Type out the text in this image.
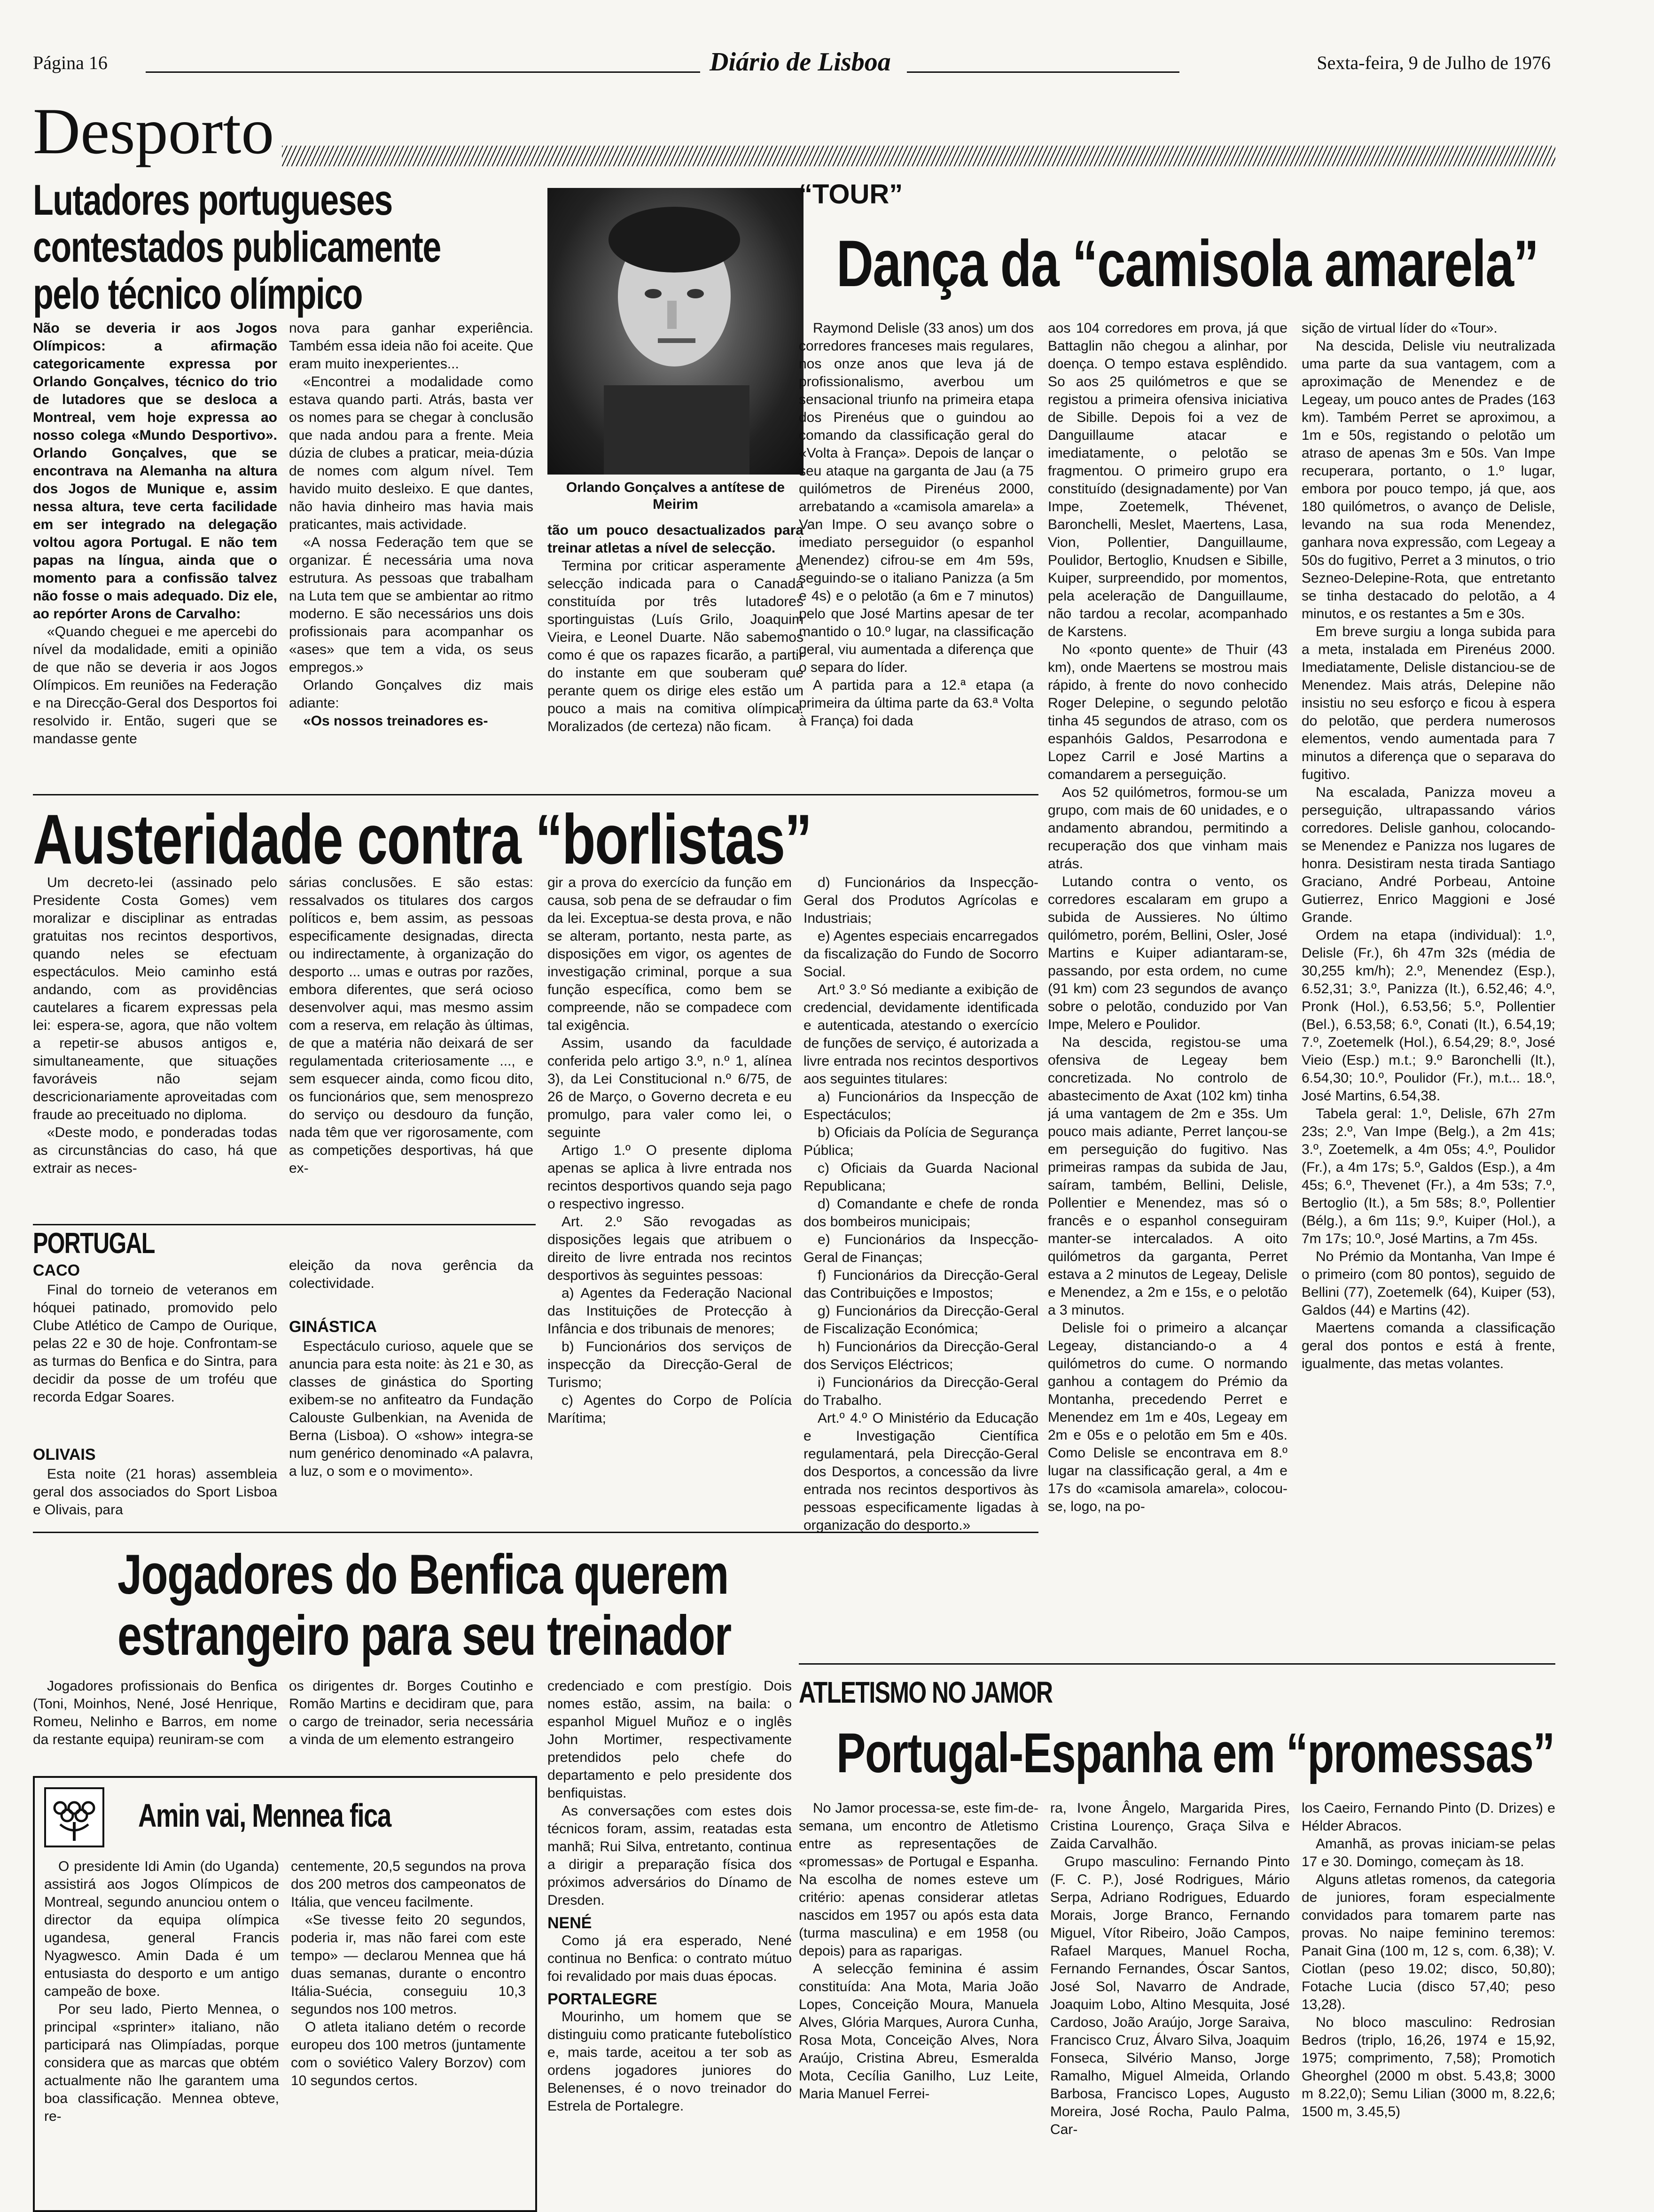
Página 16	Diário de Lisboa	Sexta-feira, 9 de Julho de 1976
Desporto
Lutadores portugueses
contestados publicamente
pelo técnico olímpico

Não se deveria ir aos Jogos Olímpicos: a afirmação categoricamente expressa por Orlando Gonçalves, técnico do trio de lutadores que se desloca a Montreal, vem hoje expressa ao nosso colega «Mundo Desportivo». Orlando Gonçalves, que se encontrava na Alemanha na altura dos Jogos de Munique e, assim nessa altura, teve certa facilidade em ser integrado na delegação voltou agora Portugal. E não tem papas na língua, ainda que o momento para a confissão talvez não fosse o mais adequado. Diz ele, ao repórter Arons de Carvalho:

«Quando cheguei e me apercebi do nível da modalidade, emiti a opinião de que não se deveria ir aos Jogos Olímpicos. Em reuniões na Federação e na Direcção-Geral dos Desportos foi resolvido ir. Então, sugeri que se mandasse gente

nova para ganhar experiência. Também essa ideia não foi aceite. Que eram muito inexperientes...

«Encontrei a modalidade como estava quando parti. Atrás, basta ver os nomes para se chegar à conclusão que nada andou para a frente. Meia dúzia de clubes a praticar, meia-dúzia de nomes com algum nível. Tem havido muito desleixo. E que dantes, não havia dinheiro mas havia mais praticantes, mais actividade.

«A nossa Federação tem que se organizar. É necessária uma nova estrutura. As pessoas que trabalham na Luta tem que se ambientar ao ritmo moderno. E são necessários uns dois profissionais para acompanhar os «ases» que tem a vida, os seus empregos.»

Orlando Gonçalves diz mais adiante:

«Os nossos treinadores es-

Orlando Gonçalves a antítese de Meirim

tão um pouco desactualizados para treinar atletas a nível de selecção.

Termina por criticar asperamente a selecção indicada para o Canadá constituída por três lutadores sportinguistas (Luís Grilo, Joaquim Vieira, e Leonel Duarte. Não sabemos como é que os rapazes ficarão, a partir do instante em que souberam que perante quem os dirige eles estão um pouco a mais na comitiva olímpica. Moralizados (de certeza) não ficam.

“TOUR”
Dança da “camisola amarela”

Raymond Delisle (33 anos) um dos corredores franceses mais regulares, nos onze anos que leva já de profissionalismo, averbou um sensacional triunfo na primeira etapa dos Pirenéus que o guindou ao comando da classificação geral do «Volta à França». Depois de lançar o seu ataque na garganta de Jau (a 75 quilómetros de Pirenéus 2000, arrebatando a «camisola amarela» a Van Impe. O seu avanço sobre o imediato perseguidor (o espanhol Menendez) cifrou-se em 4m 59s, seguindo-se o italiano Panizza (a 5m e 4s) e o pelotão (a 6m e 7 minutos) pelo que José Martins apesar de ter mantido o 10.º lugar, na classificação geral, viu aumentada a diferença que o separa do líder.

A partida para a 12.ª etapa (a primeira da última parte da 63.ª Volta à França) foi dada

aos 104 corredores em prova, já que Battaglin não chegou a alinhar, por doença. O tempo estava esplêndido. So aos 25 quilómetros e que se registou a primeira ofensiva iniciativa de Sibille. Depois foi a vez de Danguillaume atacar e imediatamente, o pelotão se fragmentou. O primeiro grupo era constituído (designadamente) por Van Impe, Zoetemelk, Thévenet, Baronchelli, Meslet, Maertens, Lasa, Vion, Pollentier, Danguillaume, Poulidor, Bertoglio, Knudsen e Sibille, Kuiper, surpreendido, por momentos, pela aceleração de Danguillaume, não tardou a recolar, acompanhado de Karstens.

No «ponto quente» de Thuir (43 km), onde Maertens se mostrou mais rápido, à frente do novo conhecido Roger Delepine, o segundo pelotão tinha 45 segundos de atraso, com os espanhóis Galdos, Pesarrodona e Lopez Carril e José Martins a comandarem a perseguição.

Aos 52 quilómetros, formou-se um grupo, com mais de 60 unidades, e o andamento abrandou, permitindo a recuperação dos que vinham mais atrás.

Lutando contra o vento, os corredores escalaram em grupo a subida de Aussieres. No último quilómetro, porém, Bellini, Osler, José Martins e Kuiper adiantaram-se, passando, por esta ordem, no cume (91 km) com 23 segundos de avanço sobre o pelotão, conduzido por Van Impe, Melero e Poulidor.

Na descida, registou-se uma ofensiva de Legeay bem concretizada. No controlo de abastecimento de Axat (102 km) tinha já uma vantagem de 2m e 35s. Um pouco mais adiante, Perret lançou-se em perseguição do fugitivo. Nas primeiras rampas da subida de Jau, saíram, também, Bellini, Delisle, Pollentier e Menendez, mas só o francês e o espanhol conseguiram manter-se intercalados. A oito quilómetros da garganta, Perret estava a 2 minutos de Legeay, Delisle e Menendez, a 2m e 15s, e o pelotão a 3 minutos.

Delisle foi o primeiro a alcançar Legeay, distanciando-o a 4 quilómetros do cume. O normando ganhou a contagem do Prémio da Montanha, precedendo Perret e Menendez em 1m e 40s, Legeay em 2m e 05s e o pelotão em 5m e 40s. Como Delisle se encontrava em 8.º lugar na classificação geral, a 4m e 17s do «camisola amarela», colocou-se, logo, na po-

sição de virtual líder do «Tour».

Na descida, Delisle viu neutralizada uma parte da sua vantagem, com a aproximação de Menendez e de Legeay, um pouco antes de Prades (163 km). Também Perret se aproximou, a 1m e 50s, registando o pelotão um atraso de apenas 3m e 50s. Van Impe recuperara, portanto, o 1.º lugar, embora por pouco tempo, já que, aos 180 quilómetros, o avanço de Delisle, levando na sua roda Menendez, ganhara nova expressão, com Legeay a 50s do fugitivo, Perret a 3 minutos, o trio Sezneo-Delepine-Rota, que entretanto se tinha destacado do pelotão, a 4 minutos, e os restantes a 5m e 30s.

Em breve surgiu a longa subida para a meta, instalada em Pirenéus 2000. Imediatamente, Delisle distanciou-se de Menendez. Mais atrás, Delepine não insistiu no seu esforço e ficou à espera do pelotão, que perdera numerosos elementos, vendo aumentada para 7 minutos a diferença que o separava do fugitivo.

Na escalada, Panizza moveu a perseguição, ultrapassando vários corredores. Delisle ganhou, colocando-se Menendez e Panizza nos lugares de honra. Desistiram nesta tirada Santiago Graciano, André Porbeau, Antoine Gutierrez, Enrico Maggioni e José Grande.

Ordem na etapa (individual): 1.º, Delisle (Fr.), 6h 47m 32s (média de 30,255 km/h); 2.º, Menendez (Esp.), 6.52,31; 3.º, Panizza (It.), 6.52,46; 4.º, Pronk (Hol.), 6.53,56; 5.º, Pollentier (Bel.), 6.53,58; 6.º, Conati (It.), 6.54,19; 7.º, Zoetemelk (Hol.), 6.54,29; 8.º, José Vieio (Esp.) m.t.; 9.º Baronchelli (It.), 6.54,30; 10.º, Poulidor (Fr.), m.t... 18.º, José Martins, 6.54,38.

Tabela geral: 1.º, Delisle, 67h 27m 23s; 2.º, Van Impe (Belg.), a 2m 41s; 3.º, Zoetemelk, a 4m 05s; 4.º, Poulidor (Fr.), a 4m 17s; 5.º, Galdos (Esp.), a 4m 45s; 6.º, Thevenet (Fr.), a 4m 53s; 7.º, Bertoglio (It.), a 5m 58s; 8.º, Pollentier (Bélg.), a 6m 11s; 9.º, Kuiper (Hol.), a 7m 17s; 10.º, José Martins, a 7m 45s.

No Prémio da Montanha, Van Impe é o primeiro (com 80 pontos), seguido de Bellini (77), Zoetemelk (64), Kuiper (53), Galdos (44) e Martins (42).

Maertens comanda a classificação geral dos pontos e está à frente, igualmente, das metas volantes.

Austeridade contra “borlistas”

Um decreto-lei (assinado pelo Presidente Costa Gomes) vem moralizar e disciplinar as entradas gratuitas nos recintos desportivos, quando neles se efectuam espectáculos. Meio caminho está andando, com as providências cautelares a ficarem expressas pela lei: espera-se, agora, que não voltem a repetir-se abusos antigos e, simultaneamente, que situações favoráveis não sejam descricionariamente aproveitadas com fraude ao preceituado no diploma.

«Deste modo, e ponderadas todas as circunstâncias do caso, há que extrair as neces-

sárias conclusões. E são estas: ressalvados os titulares dos cargos políticos e, bem assim, as pessoas especificamente designadas, directa ou indirectamente, à organização do desporto ... umas e outras por razões, embora diferentes, que será ocioso desenvolver aqui, mas mesmo assim com a reserva, em relação às últimas, de que a matéria não deixará de ser regulamentada criteriosamente ..., e sem esquecer ainda, como ficou dito, os funcionários que, sem menosprezo do serviço ou desdouro da função, nada têm que ver rigorosamente, com as competições desportivas, há que ex-

gir a prova do exercício da função em causa, sob pena de se defraudar o fim da lei. Exceptua-se desta prova, e não se alteram, portanto, nesta parte, as disposições em vigor, os agentes de investigação criminal, porque a sua função específica, como bem se compreende, não se compadece com tal exigência.

Assim, usando da faculdade conferida pelo artigo 3.º, n.º 1, alínea 3), da Lei Constitucional n.º 6/75, de 26 de Março, o Governo decreta e eu promulgo, para valer como lei, o seguinte

Artigo 1.º O presente diploma apenas se aplica à livre entrada nos recintos desportivos quando seja pago o respectivo ingresso.

Art. 2.º São revogadas as disposições legais que atribuem o direito de livre entrada nos recintos desportivos às seguintes pessoas:

a) Agentes da Federação Nacional das Instituições de Protecção à Infância e dos tribunais de menores;

b) Funcionários dos serviços de inspecção da Direcção-Geral de Turismo;

c) Agentes do Corpo de Polícia Marítima;

d) Funcionários da Inspecção-Geral dos Produtos Agrícolas e Industriais;

e) Agentes especiais encarregados da fiscalização do Fundo de Socorro Social.

Art.º 3.º Só mediante a exibição de credencial, devidamente identificada e autenticada, atestando o exercício de funções de serviço, é autorizada a livre entrada nos recintos desportivos aos seguintes titulares:

a) Funcionários da Inspecção de Espectáculos;

b) Oficiais da Polícia de Segurança Pública;

c) Oficiais da Guarda Nacional Republicana;

d) Comandante e chefe de ronda dos bombeiros municipais;

e) Funcionários da Inspecção-Geral de Finanças;

f) Funcionários da Direcção-Geral das Contribuições e Impostos;

g) Funcionários da Direcção-Geral de Fiscalização Económica;

h) Funcionários da Direcção-Geral dos Serviços Eléctricos;

i) Funcionários da Direcção-Geral do Trabalho.

Art.º 4.º O Ministério da Educação e Investigação Científica regulamentará, pela Direcção-Geral dos Desportos, a concessão da livre entrada nos recintos desportivos às pessoas especificamente ligadas à organização do desporto.»

PORTUGAL
CACO
Final do torneio de veteranos em hóquei patinado, promovido pelo Clube Atlético de Campo de Ourique, pelas 22 e 30 de hoje. Confrontam-se as turmas do Benfica e do Sintra, para decidir da posse de um troféu que recorda Edgar Soares.
OLIVAIS
Esta noite (21 horas) assembleia geral dos associados do Sport Lisboa e Olivais, para
eleição da nova gerência da colectividade.
GINÁSTICA
Espectáculo curioso, aquele que se anuncia para esta noite: às 21 e 30, as classes de ginástica do Sporting exibem-se no anfiteatro da Fundação Calouste Gulbenkian, na Avenida de Berna (Lisboa). O «show» integra-se num genérico denominado «A palavra, a luz, o som e o movimento».
Jogadores do Benfica querem
estrangeiro para seu treinador
Jogadores profissionais do Benfica (Toni, Moinhos, Nené, José Henrique, Romeu, Nelinho e Barros, em nome da restante equipa) reuniram-se com
os dirigentes dr. Borges Coutinho e Romão Martins e decidiram que, para o cargo de treinador, seria necessária a vinda de um elemento estrangeiro

credenciado e com prestígio. Dois nomes estão, assim, na baila: o espanhol Miguel Muñoz e o inglês John Mortimer, respectivamente pretendidos pelo chefe do departamento e pelo presidente dos benfiquistas.

As conversações com estes dois técnicos foram, assim, reatadas esta manhã; Rui Silva, entretanto, continua a dirigir a preparação física dos próximos adversários do Dínamo de Dresden.

NENÉ

Como já era esperado, Nené continua no Benfica: o contrato mútuo foi revalidado por mais duas épocas.

PORTALEGRE

Mourinho, um homem que se distinguiu como praticante futebolístico e, mais tarde, aceitou a ter sob as ordens jogadores juniores do Belenenses, é o novo treinador do Estrela de Portalegre.

Amin vai, Mennea fica

O presidente Idi Amin (do Uganda) assistirá aos Jogos Olímpicos de Montreal, segundo anunciou ontem o director da equipa olímpica ugandesa, general Francis Nyagwesco. Amin Dada é um entusiasta do desporto e um antigo campeão de boxe.

Por seu lado, Pierto Mennea, o principal «sprinter» italiano, não participará nas Olimpíadas, porque considera que as marcas que obtém actualmente não lhe garantem uma boa classificação. Mennea obteve, re-

centemente, 20,5 segundos na prova dos 200 metros dos campeonatos de Itália, que venceu facilmente.

«Se tivesse feito 20 segundos, poderia ir, mas não farei com este tempo» — declarou Mennea que há duas semanas, durante o encontro Itália-Suécia, conseguiu 10,3 segundos nos 100 metros.

O atleta italiano detém o recorde europeu dos 100 metros (juntamente com o soviético Valery Borzov) com 10 segundos certos.

ATLETISMO NO JAMOR
Portugal-Espanha em “promessas”

No Jamor processa-se, este fim-de-semana, um encontro de Atletismo entre as representações de «promessas» de Portugal e Espanha. Na escolha de nomes esteve um critério: apenas considerar atletas nascidos em 1957 ou após esta data (turma masculina) e em 1958 (ou depois) para as raparigas.

A selecção feminina é assim constituída: Ana Mota, Maria João Lopes, Conceição Moura, Manuela Alves, Glória Marques, Aurora Cunha, Rosa Mota, Conceição Alves, Nora Araújo, Cristina Abreu, Esmeralda Mota, Cecília Ganilho, Luz Leite, Maria Manuel Ferrei-

ra, Ivone Ângelo, Margarida Pires, Cristina Lourenço, Graça Silva e Zaida Carvalhão.

Grupo masculino: Fernando Pinto (F. C. P.), José Rodrigues, Mário Serpa, Adriano Rodrigues, Eduardo Morais, Jorge Branco, Fernando Miguel, Vítor Ribeiro, João Campos, Rafael Marques, Manuel Rocha, Fernando Fernandes, Óscar Santos, José Sol, Navarro de Andrade, Joaquim Lobo, Altino Mesquita, José Cardoso, João Araújo, Jorge Saraiva, Francisco Cruz, Álvaro Silva, Joaquim Fonseca, Silvério Manso, Jorge Ramalho, Miguel Almeida, Orlando Barbosa, Francisco Lopes, Augusto Moreira, José Rocha, Paulo Palma, Car-

los Caeiro, Fernando Pinto (D. Drizes) e Hélder Abracos.

Amanhã, as provas iniciam-se pelas 17 e 30. Domingo, começam às 18.

Alguns atletas romenos, da categoria de juniores, foram especialmente convidados para tomarem parte nas provas. No naipe feminino teremos: Panait Gina (100 m, 12 s, com. 6,38); V. Ciotlan (peso 19.02; disco, 50,80); Fotache Lucia (disco 57,40; peso 13,28).

No bloco masculino: Redrosian Bedros (triplo, 16,26, 1974 e 15,92, 1975; comprimento, 7,58); Promotich Gheorghel (2000 m obst. 5.43,8; 3000 m 8.22,0); Semu Lilian (3000 m, 8.22,6; 1500 m, 3.45,5)
